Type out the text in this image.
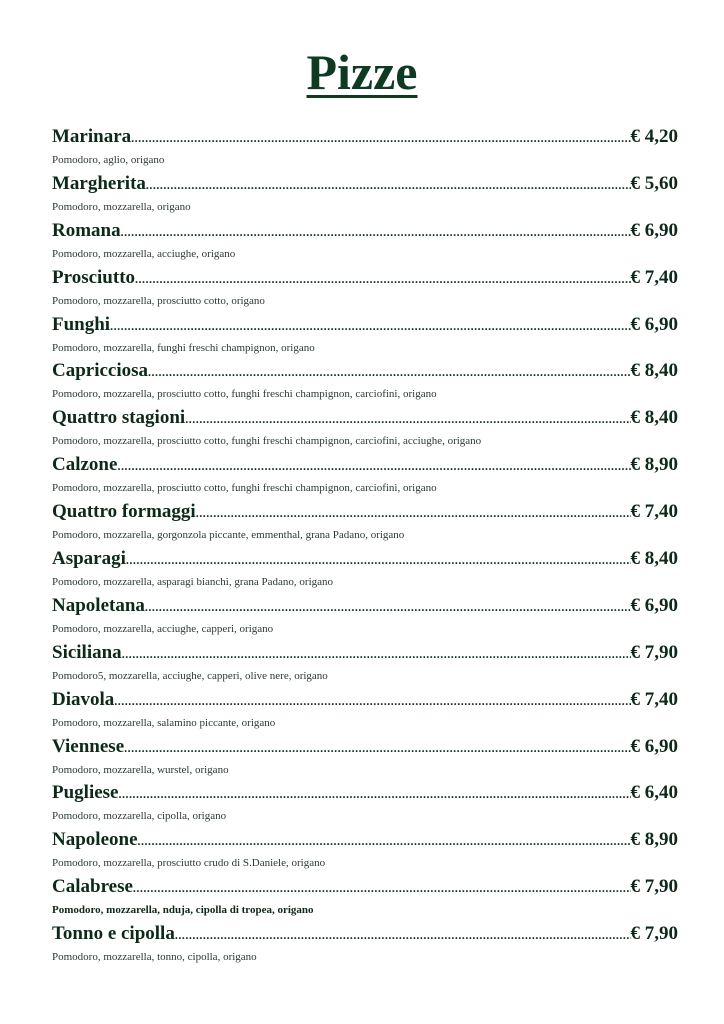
Pizze
Marinara .....	€ 4,20
Pomodoro, aglio, origano
Margherita .....	€ 5,60
Pomodoro, mozzarella, origano
Romana .....	€ 6,90
Pomodoro, mozzarella, acciughe, origano
Prosciutto .....	€ 7,40
Pomodoro, mozzarella, prosciutto cotto, origano
Funghi .....	€ 6,90
Pomodoro, mozzarella, funghi freschi champignon, origano
Capricciosa .....	€ 8,40
Pomodoro, mozzarella, prosciutto cotto, funghi freschi champignon, carciofini, origano
Quattro stagioni .....	€ 8,40
Pomodoro, mozzarella, prosciutto cotto, funghi freschi champignon, carciofini, acciughe, origano
Calzone .....	€ 8,90
Pomodoro, mozzarella, prosciutto cotto, funghi freschi champignon, carciofini, origano
Quattro formaggi .....	€ 7,40
Pomodoro, mozzarella, gorgonzola piccante, emmenthal, grana Padano, origano
Asparagi .....	€ 8,40
Pomodoro, mozzarella, asparagi bianchi, grana Padano, origano
Napoletana .....	€ 6,90
Pomodoro, mozzarella, acciughe, capperi, origano
Siciliana .....	€ 7,90
Pomodoro5, mozzarella, acciughe, capperi, olive nere, origano
Diavola .....	€ 7,40
Pomodoro, mozzarella, salamino piccante, origano
Viennese .....	€ 6,90
Pomodoro, mozzarella, wurstel, origano
Pugliese .....	€ 6,40
Pomodoro, mozzarella, cipolla, origano
Napoleone .....	€ 8,90
Pomodoro, mozzarella, prosciutto crudo di S.Daniele, origano
Calabrese .....	€ 7,90
Pomodoro, mozzarella, nduja, cipolla di tropea, origano
Tonno e cipolla .....	€ 7,90
Pomodoro, mozzarella, tonno, cipolla, origano
